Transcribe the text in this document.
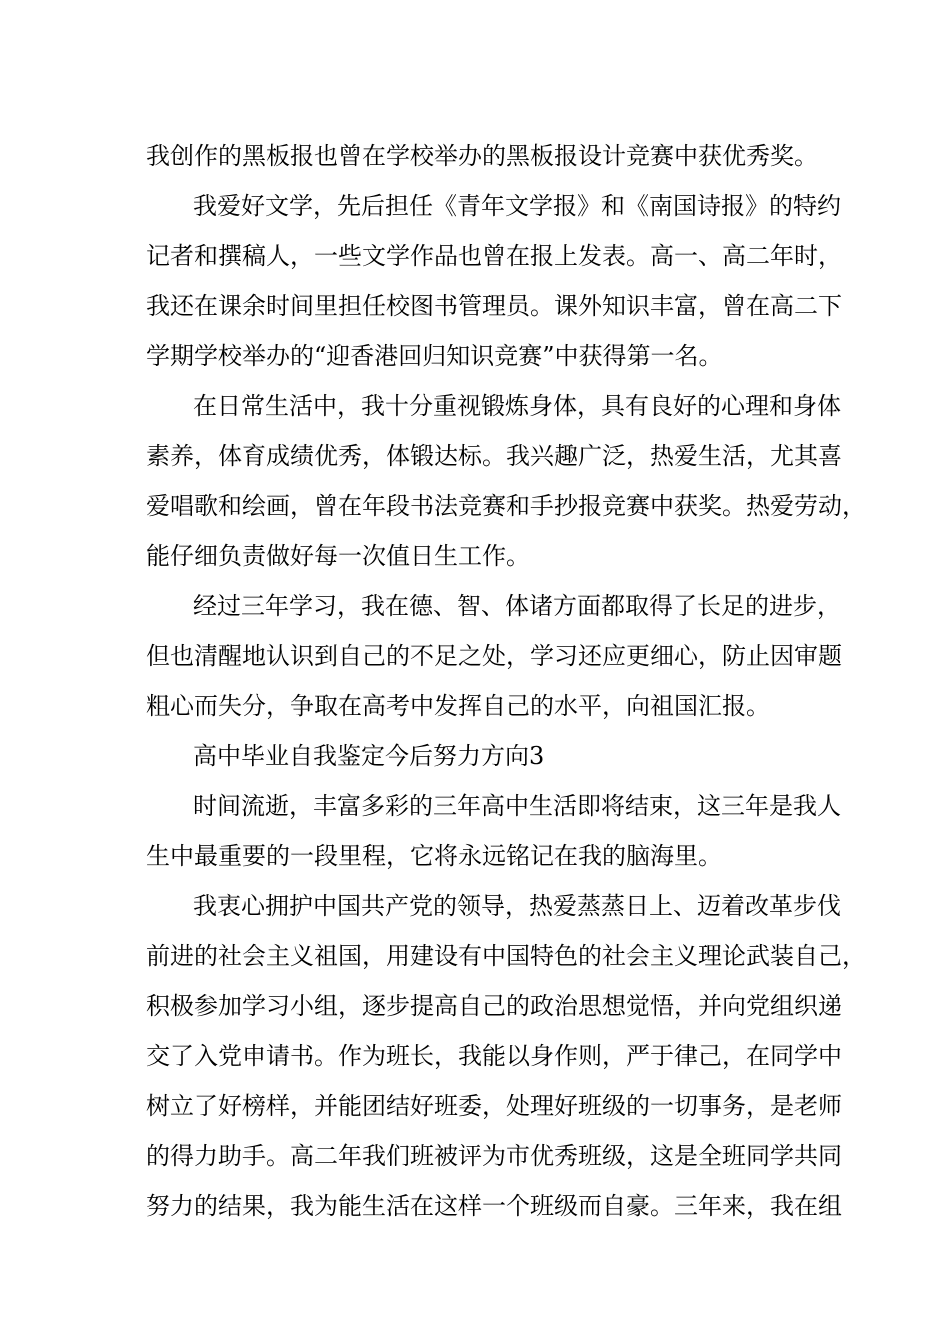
我创作的黑板报也曾在学校举办的黑板报设计竞赛中获优秀奖。
我爱好文学，先后担任《青年文学报》和《南国诗报》的特约
记者和撰稿人，一些文学作品也曾在报上发表。高一、高二年时，
我还在课余时间里担任校图书管理员。课外知识丰富，曾在高二下
学期学校举办的“迎香港回归知识竞赛”中获得第一名。
在日常生活中，我十分重视锻炼身体，具有良好的心理和身体
素养，体育成绩优秀，体锻达标。我兴趣广泛，热爱生活，尤其喜
爱唱歌和绘画，曾在年段书法竞赛和手抄报竞赛中获奖。热爱劳动，
能仔细负责做好每一次值日生工作。
经过三年学习，我在德、智、体诸方面都取得了长足的进步，
但也清醒地认识到自己的不足之处，学习还应更细心，防止因审题
粗心而失分，争取在高考中发挥自己的水平，向祖国汇报。
高中毕业自我鉴定今后努力方向3
时间流逝，丰富多彩的三年高中生活即将结束，这三年是我人
生中最重要的一段里程，它将永远铭记在我的脑海里。
我衷心拥护中国共产党的领导，热爱蒸蒸日上、迈着改革步伐
前进的社会主义祖国，用建设有中国特色的社会主义理论武装自己，
积极参加学习小组，逐步提高自己的政治思想觉悟，并向党组织递
交了入党申请书。作为班长，我能以身作则，严于律己，在同学中
树立了好榜样，并能团结好班委，处理好班级的一切事务，是老师
的得力助手。高二年我们班被评为市优秀班级，这是全班同学共同
努力的结果，我为能生活在这样一个班级而自豪。三年来，我在组
